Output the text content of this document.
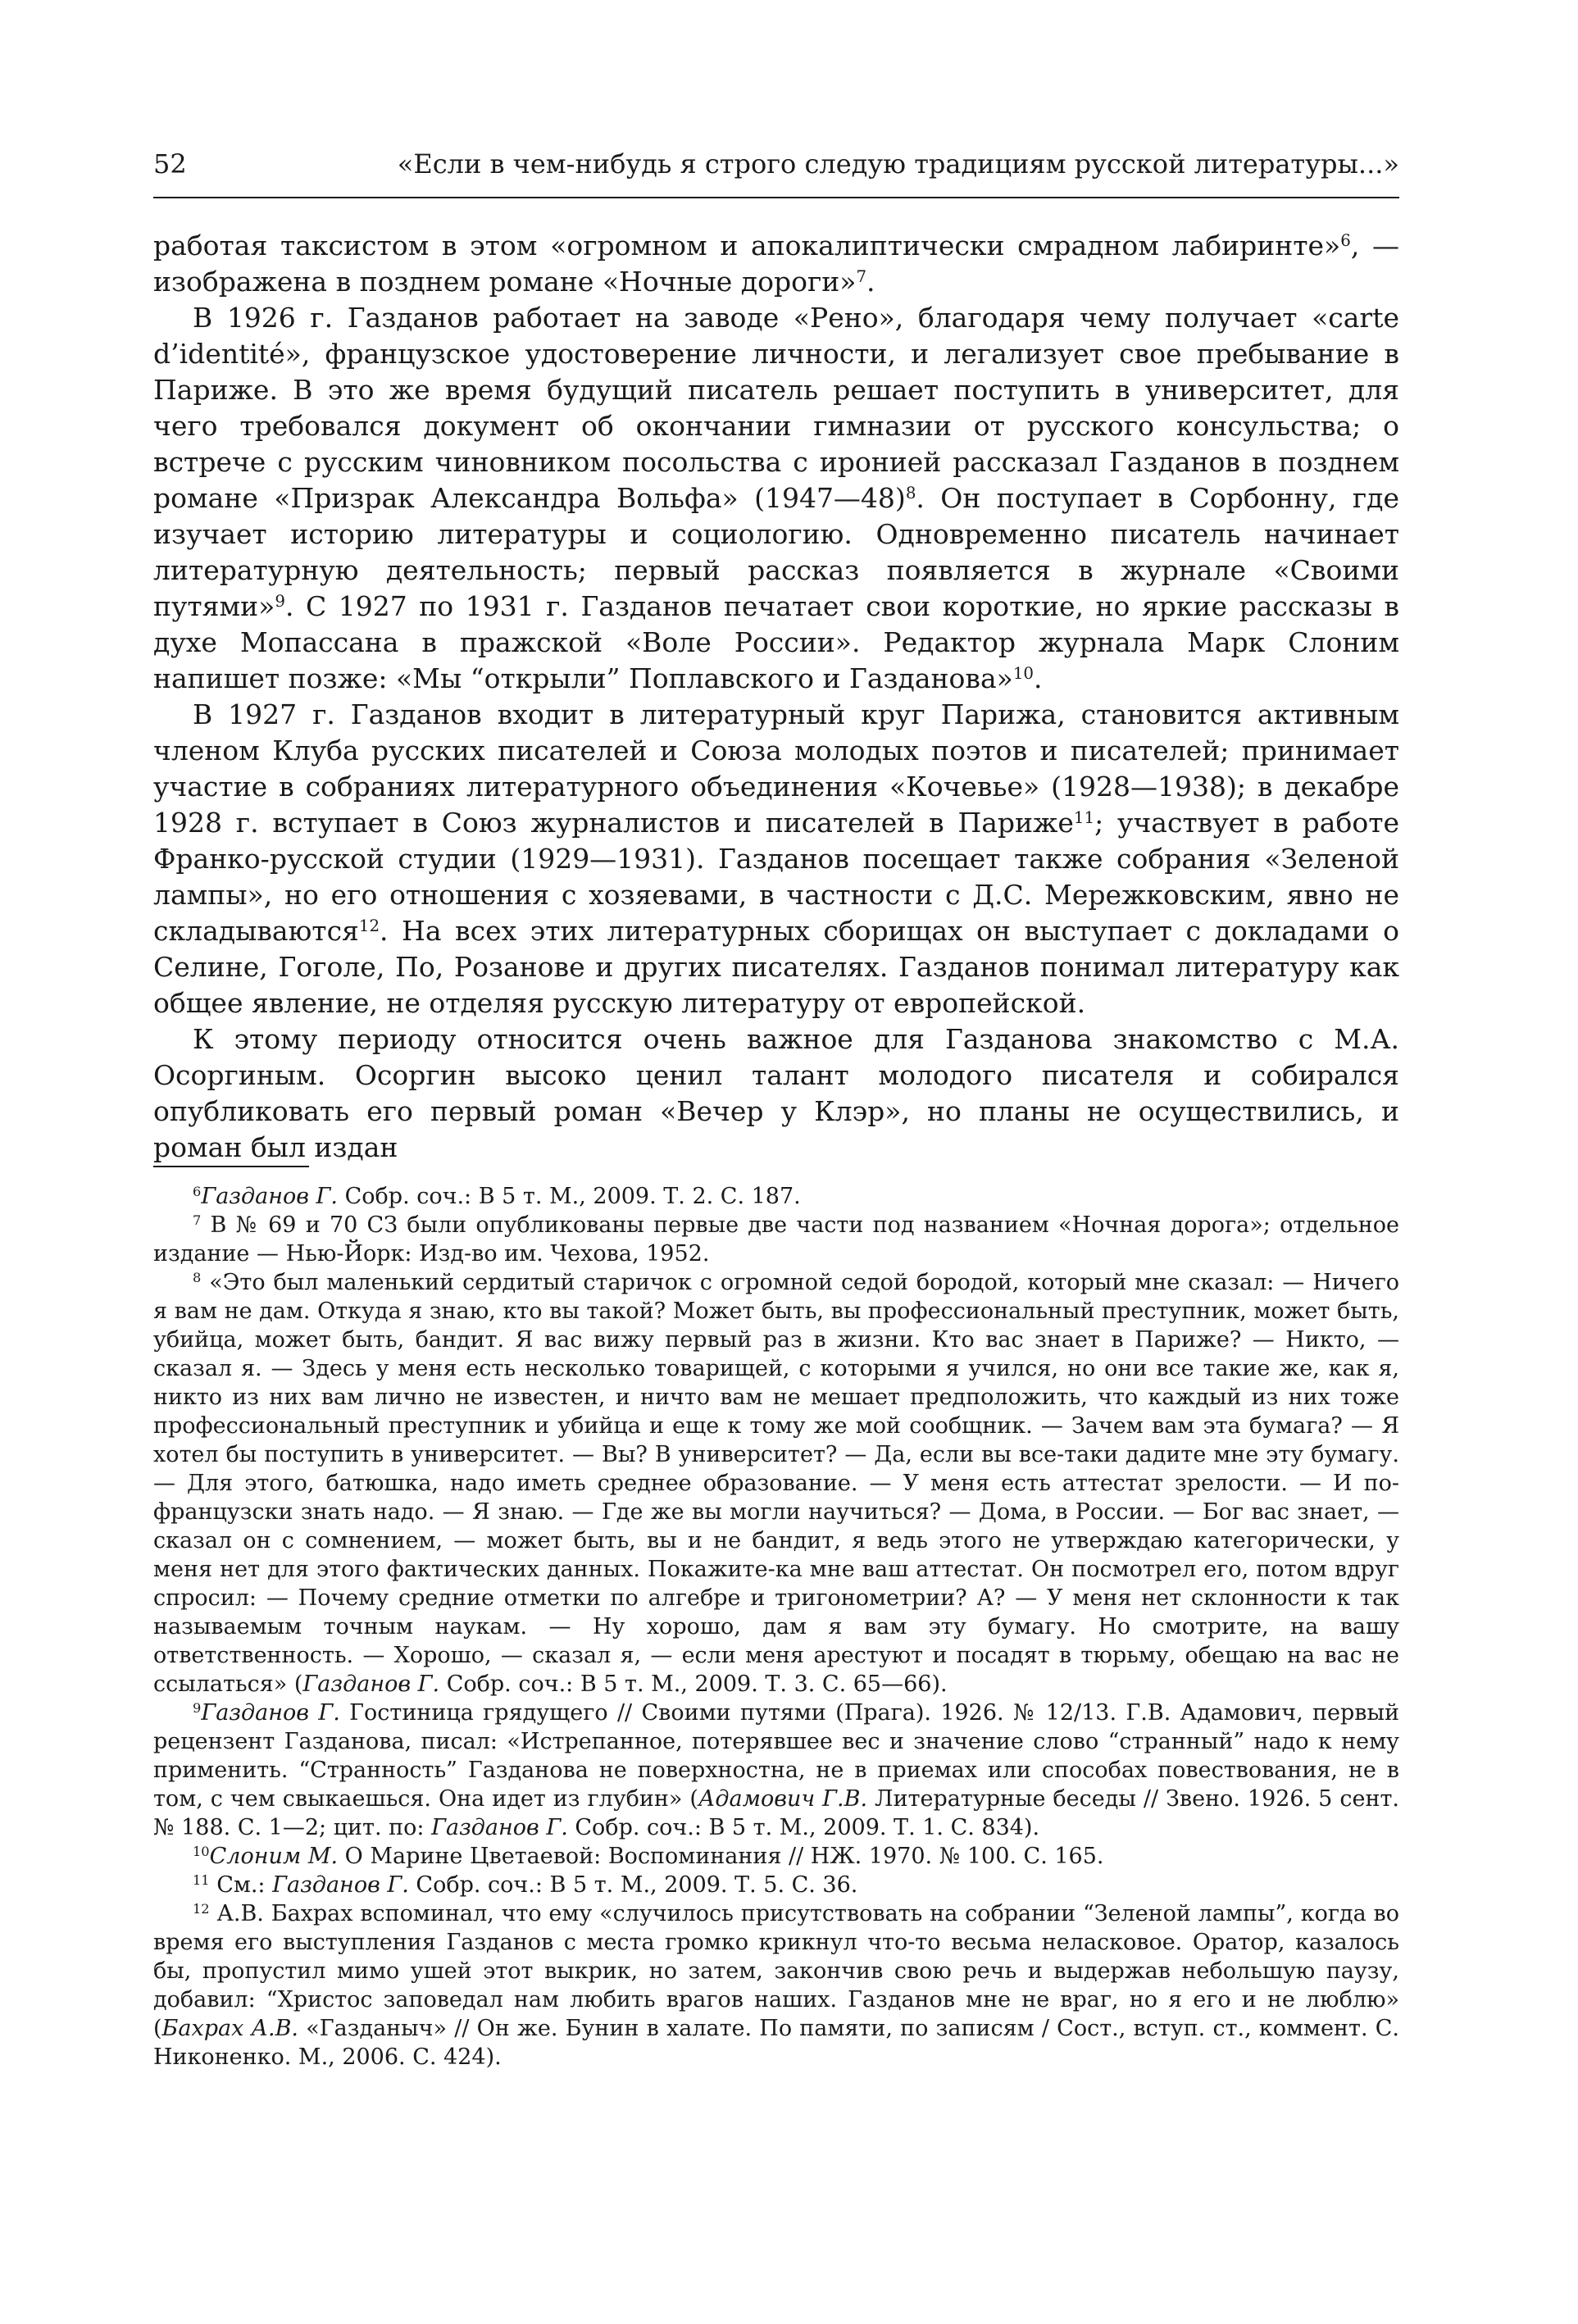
52	«Если в чем-нибудь я строго следую традициям русской литературы...»

работая таксистом в этом «огромном и апокалиптически смрадном лабиринте»$^6$, — изображена в позднем романе «Ночные дороги»$^7$.

В 1926 г. Газданов работает на заводе «Рено», благодаря чему получает «carte d’identité», французское удостоверение личности, и легализует свое пребывание в Париже. В это же время будущий писатель решает поступить в университет, для чего требовался документ об окончании гимназии от русского консульства; о встрече с русским чиновником посольства с иронией рассказал Газданов в позднем романе «Призрак Александра Вольфа» (1947—48)$^8$. Он поступает в Сорбонну, где изучает историю литературы и социологию. Одновременно писатель начинает литературную деятельность; первый рассказ появляется в журнале «Своими путями»$^9$. С 1927 по 1931 г. Газданов печатает свои короткие, но яркие рассказы в духе Мопассана в пражской «Воле России». Редактор журнала Марк Слоним напишет позже: «Мы “открыли” Поплавского и Газданова»$^{10}$.

В 1927 г. Газданов входит в литературный круг Парижа, становится активным членом Клуба русских писателей и Союза молодых поэтов и писателей; принимает участие в собраниях литературного объединения «Кочевье» (1928—1938); в декабре 1928 г. вступает в Союз журналистов и писателей в Париже$^{11}$; участвует в работе Франко-русской студии (1929—1931). Газданов посещает также собрания «Зеленой лампы», но его отношения с хозяевами, в частности с Д.С. Мережковским, явно не складываются$^{12}$. На всех этих литературных сборищах он выступает с докладами о Селине, Гоголе, По, Розанове и других писателях. Газданов понимал литературу как общее явление, не отделяя русскую литературу от европейской.

К этому периоду относится очень важное для Газданова знакомство с М.А. Осоргиным. Осоргин высоко ценил талант молодого писателя и собирался опубликовать его первый роман «Вечер у Клэр», но планы не осуществились, и роман был издан

$^6$Газданов Г. Собр. соч.: В 5 т. М., 2009. Т. 2. С. 187.

$^7$ В № 69 и 70 СЗ были опубликованы первые две части под названием «Ночная дорога»; отдельное издание — Нью-Йорк: Изд-во им. Чехова, 1952.

$^8$ «Это был маленький сердитый старичок с огромной седой бородой, который мне сказал: — Ничего я вам не дам. Откуда я знаю, кто вы такой? Может быть, вы профессиональный преступник, может быть, убийца, может быть, бандит. Я вас вижу первый раз в жизни. Кто вас знает в Париже? — Никто, — сказал я. — Здесь у меня есть несколько товарищей, с которыми я учился, но они все такие же, как я, никто из них вам лично не известен, и ничто вам не мешает предположить, что каждый из них тоже профессиональный преступник и убийца и еще к тому же мой сообщник. — Зачем вам эта бумага? — Я хотел бы поступить в университет. — Вы? В университет? — Да, если вы все-таки дадите мне эту бумагу. — Для этого, батюшка, надо иметь среднее образование. — У меня есть аттестат зрелости. — И по-французски знать надо. — Я знаю. — Где же вы могли научиться? — Дома, в России. — Бог вас знает, — сказал он с сомнением, — может быть, вы и не бандит, я ведь этого не утверждаю категорически, у меня нет для этого фактических данных. Покажите-ка мне ваш аттестат. Он посмотрел его, потом вдруг спросил: — Почему средние отметки по алгебре и тригонометрии? А? — У меня нет склонности к так называемым точным наукам. — Ну хорошо, дам я вам эту бумагу. Но смотрите, на вашу ответственность. — Хорошо, — сказал я, — если меня арестуют и посадят в тюрьму, обещаю на вас не ссылаться» (Газданов Г. Собр. соч.: В 5 т. М., 2009. Т. 3. С. 65—66).

$^9$Газданов Г. Гостиница грядущего // Своими путями (Прага). 1926. № 12/13. Г.В. Адамович, первый рецензент Газданова, писал: «Истрепанное, потерявшее вес и значение слово “странный” надо к нему применить. “Странность” Газданова не поверхностна, не в приемах или способах повествования, не в том, с чем свыкаешься. Она идет из глубин» (Адамович Г.В. Литературные беседы // Звено. 1926. 5 сент. № 188. С. 1—2; цит. по: Газданов Г. Собр. соч.: В 5 т. М., 2009. Т. 1. С. 834).

$^{10}$Слоним М. О Марине Цветаевой: Воспоминания // НЖ. 1970. № 100. С. 165.

$^{11}$ См.: Газданов Г. Собр. соч.: В 5 т. М., 2009. Т. 5. С. 36.

$^{12}$ А.В. Бахрах вспоминал, что ему «случилось присутствовать на собрании “Зеленой лампы”, когда во время его выступления Газданов с места громко крикнул что-то весьма неласковое. Оратор, казалось бы, пропустил мимо ушей этот выкрик, но затем, закончив свою речь и выдержав небольшую паузу, добавил: “Христос заповедал нам любить врагов наших. Газданов мне не враг, но я его и не люблю» (Бахрах А.В. «Газданыч» // Он же. Бунин в халате. По памяти, по записям / Сост., вступ. ст., коммент. С. Никоненко. М., 2006. С. 424).
